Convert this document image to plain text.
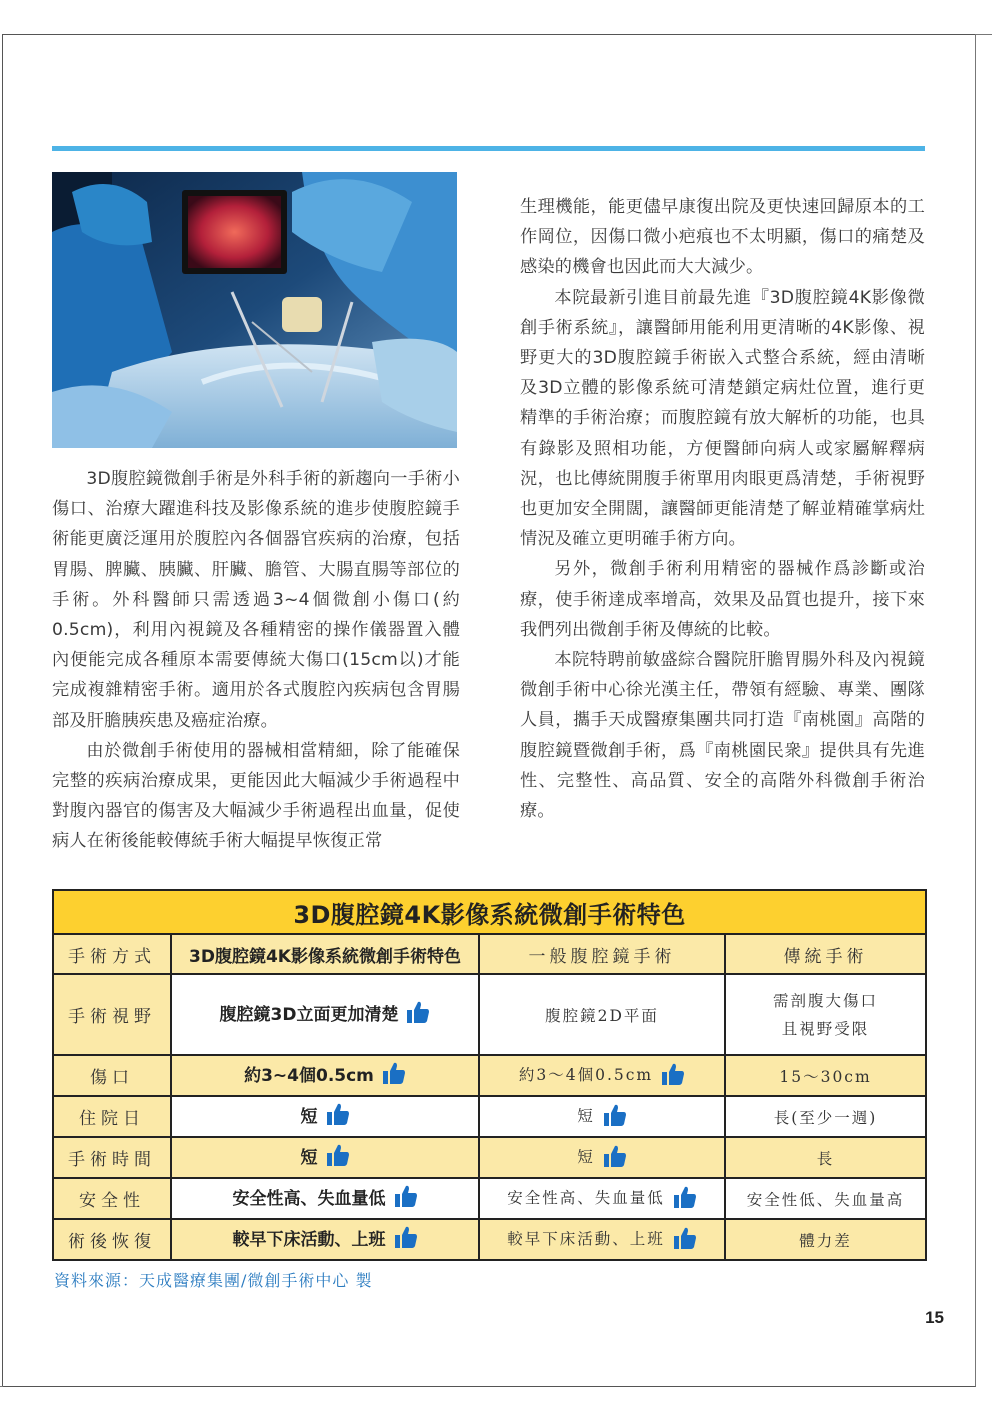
3D腹腔鏡微創手術是外科手術的新趨向一手術小傷口、治療大躍進科技及影像系統的進步使腹腔鏡手術能更廣泛運用於腹腔內各個器官疾病的治療，包括胃腸、脾臟、胰臟、肝臟、膽管、大腸直腸等部位的手術。外科醫師只需透過3~4個微創小傷口(約0.5cm)，利用內視鏡及各種精密的操作儀器置入體內便能完成各種原本需要傳統大傷口(15cm以)才能完成複雜精密手術。適用於各式腹腔內疾病包含胃腸部及肝膽胰疾患及癌症治療。

由於微創手術使用的器械相當精細，除了能確保完整的疾病治療成果，更能因此大幅減少手術過程中對腹內器官的傷害及大幅減少手術過程出血量，促使病人在術後能較傳統手術大幅提早恢復正常

生理機能，能更儘早康復出院及更快速回歸原本的工作岡位，因傷口微小疤痕也不太明顯，傷口的痛楚及感染的機會也因此而大大減少。

本院最新引進目前最先進『3D腹腔鏡4K影像微創手術系統』，讓醫師用能利用更清晰的4K影像、視野更大的3D腹腔鏡手術嵌入式整合系統，經由清晰及3D立體的影像系統可清楚鎖定病灶位置，進行更精準的手術治療；而腹腔鏡有放大解析的功能，也具有錄影及照相功能，方便醫師向病人或家屬解釋病況，也比傳統開腹手術單用肉眼更爲清楚，手術視野也更加安全開闊，讓醫師更能清楚了解並精確掌病灶情況及確立更明確手術方向。

另外，微創手術利用精密的器械作爲診斷或治療，使手術達成率增高，效果及品質也提升，接下來我們列出微創手術及傳統的比較。

本院特聘前敏盛綜合醫院肝膽胃腸外科及內視鏡微創手術中心徐光漢主任，帶領有經驗、專業、團隊人員，攜手天成醫療集團共同打造『南桃園』高階的腹腔鏡暨微創手術，爲『南桃園民衆』提供具有先進性、完整性、高品質、安全的高階外科微創手術治療。

3D腹腔鏡4K影像系統微創手術特色			
手術方式	3D腹腔鏡4K影像系統微創手術特色	一般腹腔鏡手術	傳統手術
手術視野	腹腔鏡3D立面更加清楚	腹腔鏡2D平面	需剖腹大傷口
且視野受限

傷口	約3~4個0.5cm	約3～4個0.5cm	15～30cm
住院日	短	短	長(至少一週)
手術時間	短	短	長
安全性	安全性高、失血量低	安全性高、失血量低	安全性低、失血量高
術後恢復	較早下床活動、上班	較早下床活動、上班	體力差
資料來源：天成醫療集團/微創手術中心 製
15
